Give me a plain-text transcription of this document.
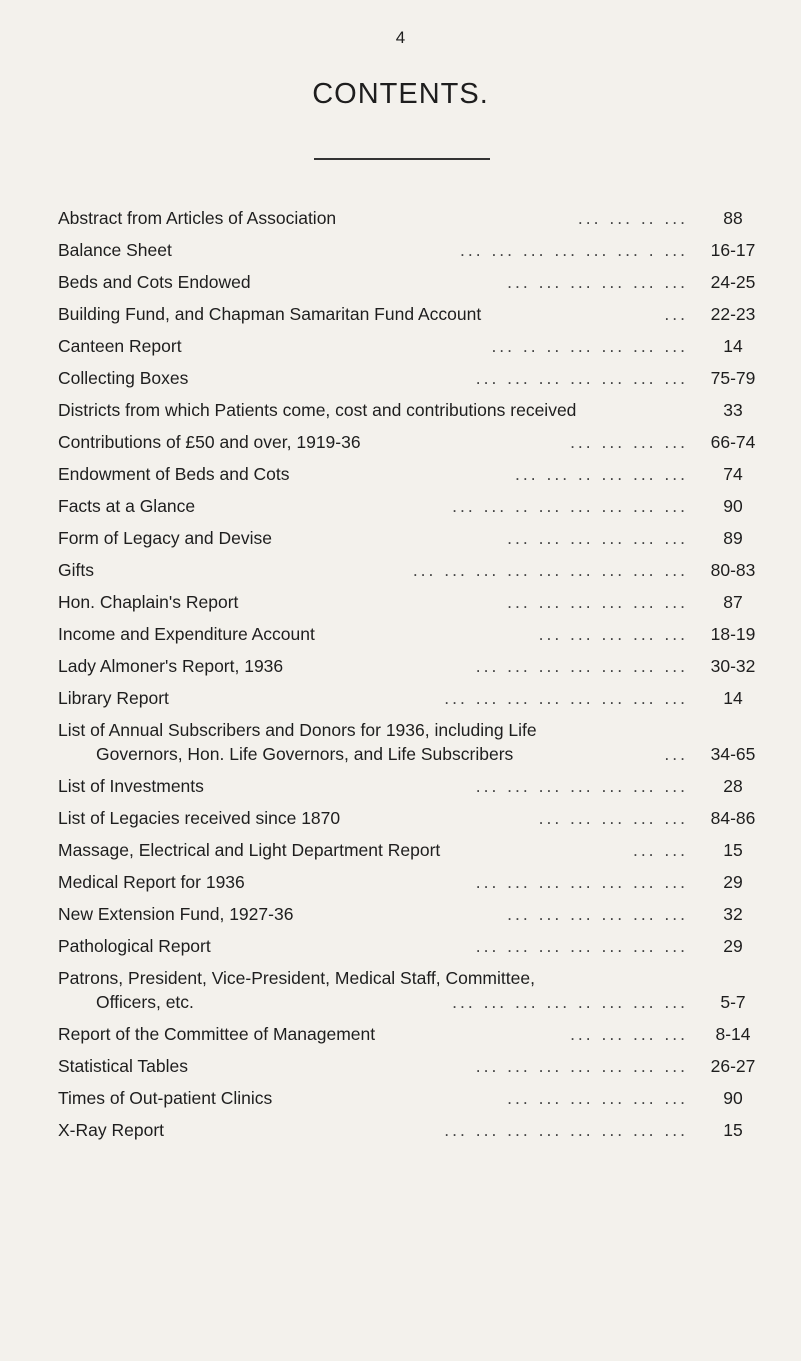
4
CONTENTS.
Abstract from Articles of Association	... ... .. ...	88
Balance Sheet	... ... ... ... ... ... . ...	16-17
Beds and Cots Endowed	... ... ... ... ... ...	24-25
Building Fund, and Chapman Samaritan Fund Account	...	22-23
Canteen Report	... .. .. ... ... ... ...	14
Collecting Boxes	... ... ... ... ... ... ...	75-79
Districts from which Patients come, cost and contributions received	33
Contributions of £50 and over, 1919-36	... ... ... ...	66-74
Endowment of Beds and Cots	... ... .. ... ... ...	74
Facts at a Glance	... ... .. ... ... ... ... ...	90
Form of Legacy and Devise	... ... ... ... ... ...	89
Gifts	... ... ... ... ... ... ... ... ...	80-83
Hon. Chaplain's Report	... ... ... ... ... ...	87
Income and Expenditure Account	... ... ... ... ...	18-19
Lady Almoner's Report, 1936	... ... ... ... ... ... ...	30-32
Library Report	... ... ... ... ... ... ... ...	14
List of Annual Subscribers and Donors for 1936, including Life
Governors, Hon. Life Governors, and Life Subscribers	...	34-65
List of Investments	... ... ... ... ... ... ...	28
List of Legacies received since 1870	... ... ... ... ...	84-86
Massage, Electrical and Light Department Report	... ...	15
Medical Report for 1936	... ... ... ... ... ... ...	29
New Extension Fund, 1927-36	... ... ... ... ... ...	32
Pathological Report	... ... ... ... ... ... ...	29
Patrons, President, Vice-President, Medical Staff, Committee,
Officers, etc.	... ... ... ... .. ... ... ...	5-7
Report of the Committee of Management	... ... ... ...	8-14
Statistical Tables	... ... ... ... ... ... ...	26-27
Times of Out-patient Clinics	... ... ... ... ... ...	90
X-Ray Report	... ... ... ... ... ... ... ...	15
